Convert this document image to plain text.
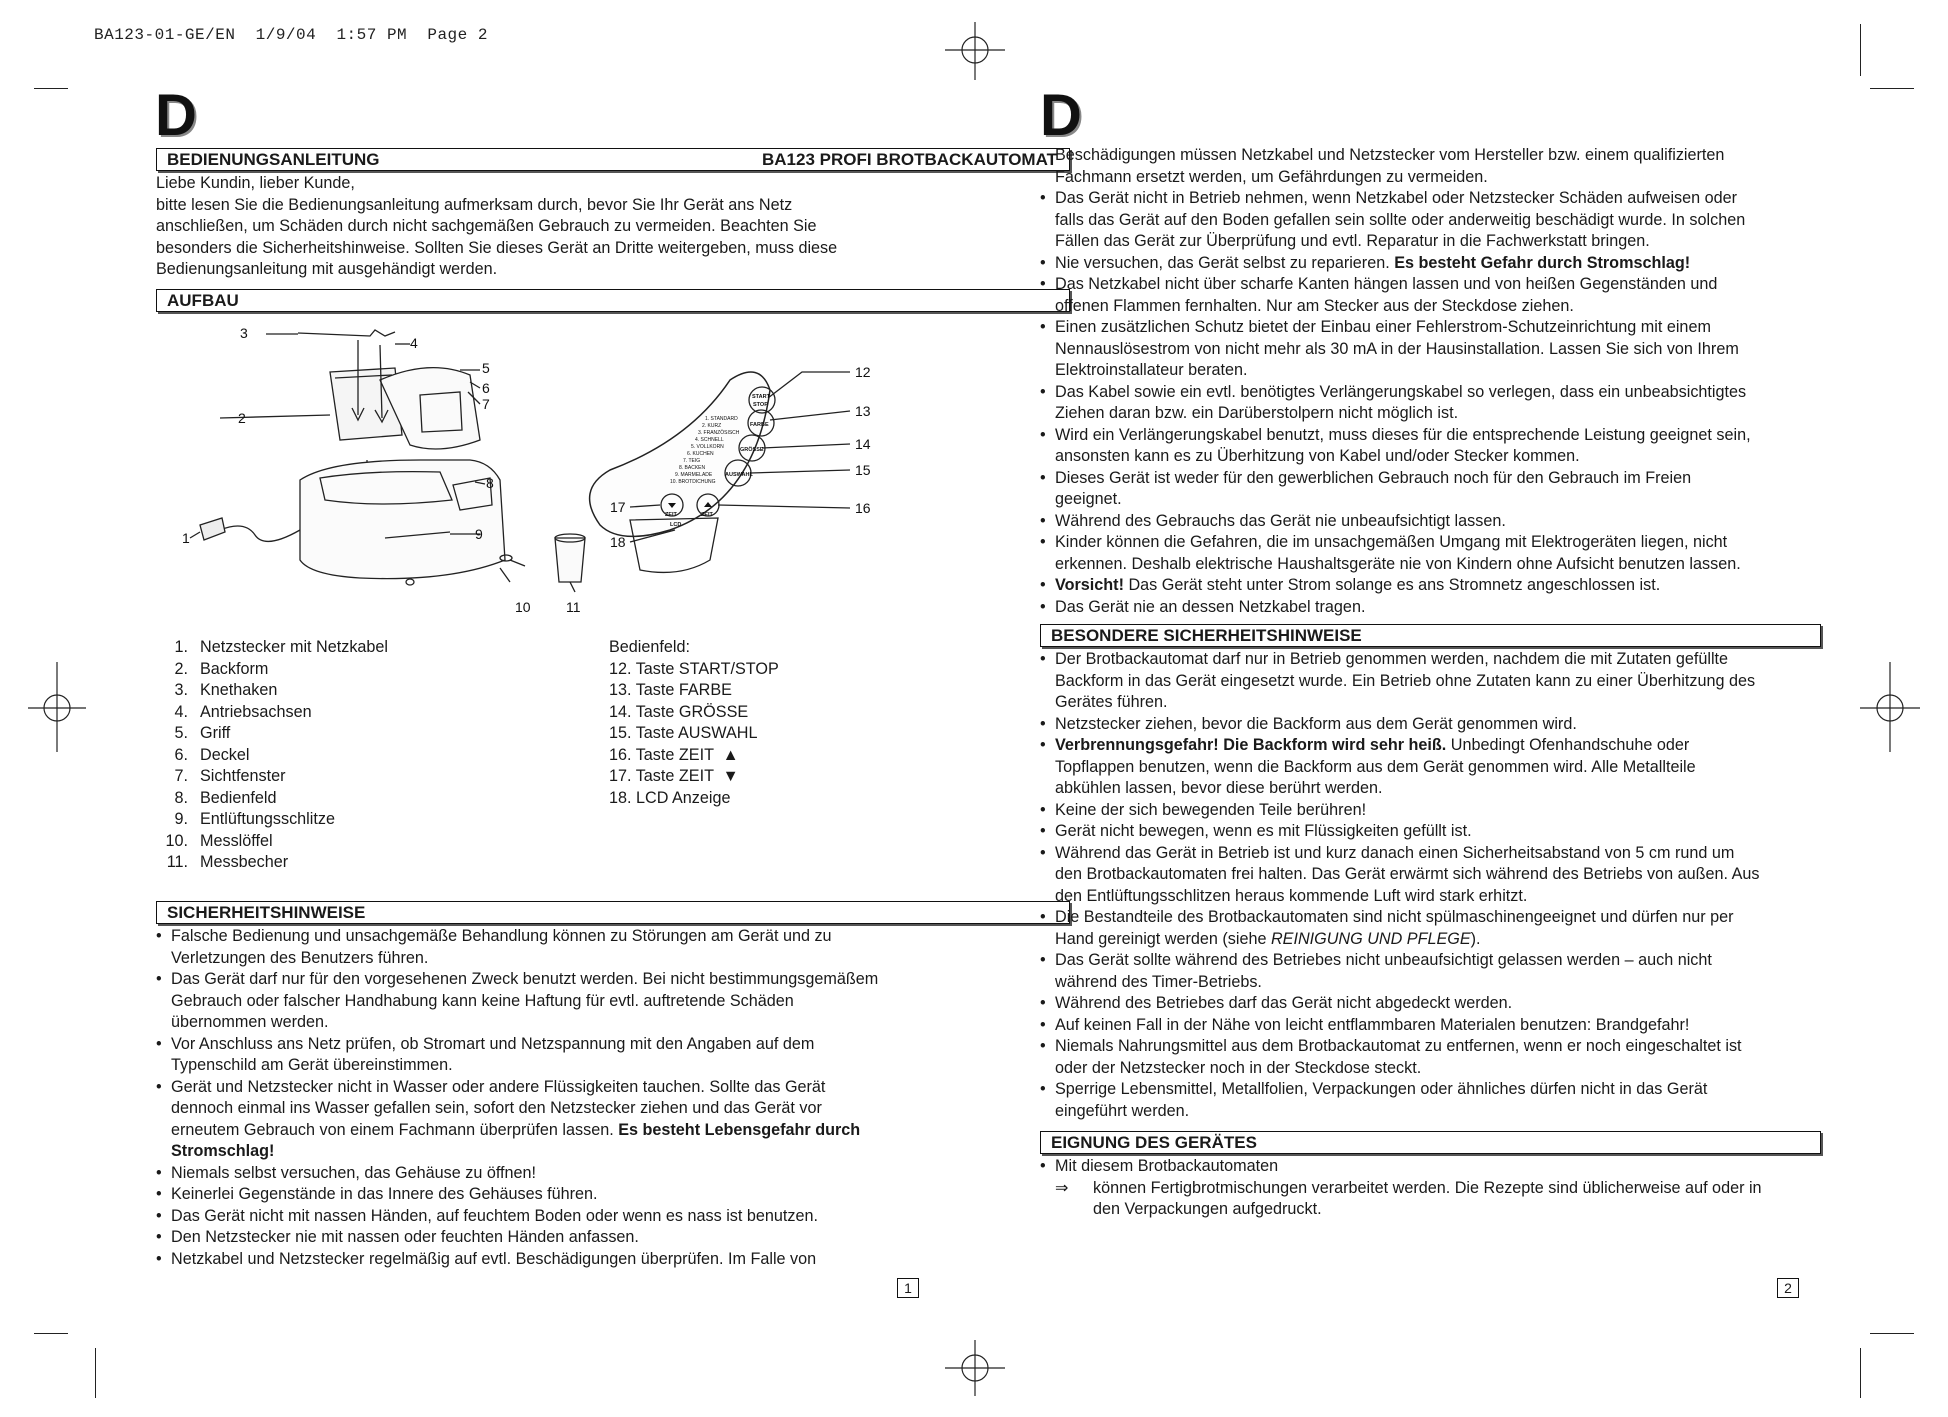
BA123-01-GE/EN  1/9/04  1:57 PM  Page 2
D
BEDIENUNGSANLEITUNG	BA123 PROFI BROTBACKAUTOMAT

Liebe Kundin, lieber Kunde,

bitte lesen Sie die Bedienungsanleitung aufmerksam durch, bevor Sie Ihr Gerät ans Netz

anschließen, um Schäden durch nicht sachgemäßen Gebrauch zu vermeiden. Beachten Sie

besonders die Sicherheitshinweise. Sollten Sie dieses Gerät an Dritte weitergeben, muss diese

Bedienungsanleitung mit ausgehändigt werden.

AUFBAU
3
4
5
6
7
2
8
1	9
10	11
12
13
14
15
16
17
18
START
STOP
FARBE
GRÖSSE
AUSWAHL
ZEIT	ZEIT
LCD
1. STANDARD
2. KURZ
3. FRANZÖSISCH
4. SCHNELL
5. VOLLKORN
6. KUCHEN
7. TEIG
8. BACKEN
9. MARMELADE
10. BROTDICHUNG
1. Netzstecker mit Netzkabel
2. Backform
3. Knethaken
4. Antriebsachsen
5. Griff
6. Deckel
7. Sichtfenster
8. Bedienfeld
9. Entlüftungsschlitze
10. Messlöffel
11. Messbecher

Bedienfeld:

12. Taste START/STOP

13. Taste FARBE

14. Taste GRÖSSE

15. Taste AUSWAHL

16. Taste ZEIT  ▲

17. Taste ZEIT  ▼

18. LCD Anzeige

SICHERHEITSHINWEISE
• Falsche Bedienung und unsachgemäße Behandlung können zu Störungen am Gerät und zu
Verletzungen des Benutzers führen.
• Das Gerät darf nur für den vorgesehenen Zweck benutzt werden. Bei nicht bestimmungsgemäßem
Gebrauch oder falscher Handhabung kann keine Haftung für evtl. auftretende Schäden
übernommen werden.
• Vor Anschluss ans Netz prüfen, ob Stromart und Netzspannung mit den Angaben auf dem
Typenschild am Gerät übereinstimmen.
• Gerät und Netzstecker nicht in Wasser oder andere Flüssigkeiten tauchen. Sollte das Gerät
dennoch einmal ins Wasser gefallen sein, sofort den Netzstecker ziehen und das Gerät vor
erneutem Gebrauch von einem Fachmann überprüfen lassen. Es besteht Lebensgefahr durch
Stromschlag!
• Niemals selbst versuchen, das Gehäuse zu öffnen!
• Keinerlei Gegenstände in das Innere des Gehäuses führen.
• Das Gerät nicht mit nassen Händen, auf feuchtem Boden oder wenn es nass ist benutzen.
• Den Netzstecker nie mit nassen oder feuchten Händen anfassen.
• Netzkabel und Netzstecker regelmäßig auf evtl. Beschädigungen überprüfen. Im Falle von
1
D

Beschädigungen müssen Netzkabel und Netzstecker vom Hersteller bzw. einem qualifizierten

Fachmann ersetzt werden, um Gefährdungen zu vermeiden.

• Das Gerät nicht in Betrieb nehmen, wenn Netzkabel oder Netzstecker Schäden aufweisen oder
falls das Gerät auf den Boden gefallen sein sollte oder anderweitig beschädigt wurde. In solchen
Fällen das Gerät zur Überprüfung und evtl. Reparatur in die Fachwerkstatt bringen.
• Nie versuchen, das Gerät selbst zu reparieren. Es besteht Gefahr durch Stromschlag!
• Das Netzkabel nicht über scharfe Kanten hängen lassen und von heißen Gegenständen und
offenen Flammen fernhalten. Nur am Stecker aus der Steckdose ziehen.
• Einen zusätzlichen Schutz bietet der Einbau einer Fehlerstrom-Schutzeinrichtung mit einem
Nennauslösestrom von nicht mehr als 30 mA in der Hausinstallation. Lassen Sie sich von Ihrem
Elektroinstallateur beraten.
• Das Kabel sowie ein evtl. benötigtes Verlängerungskabel so verlegen, dass ein unbeabsichtigtes
Ziehen daran bzw. ein Darüberstolpern nicht möglich ist.
• Wird ein Verlängerungskabel benutzt, muss dieses für die entsprechende Leistung geeignet sein,
ansonsten kann es zu Überhitzung von Kabel und/oder Stecker kommen.
• Dieses Gerät ist weder für den gewerblichen Gebrauch noch für den Gebrauch im Freien
geeignet.
• Während des Gebrauchs das Gerät nie unbeaufsichtigt lassen.
• Kinder können die Gefahren, die im unsachgemäßen Umgang mit Elektrogeräten liegen, nicht
erkennen. Deshalb elektrische Haushaltsgeräte nie von Kindern ohne Aufsicht benutzen lassen.
• Vorsicht! Das Gerät steht unter Strom solange es ans Stromnetz angeschlossen ist.
• Das Gerät nie an dessen Netzkabel tragen.
BESONDERE SICHERHEITSHINWEISE
• Der Brotbackautomat darf nur in Betrieb genommen werden, nachdem die mit Zutaten gefüllte
Backform in das Gerät eingesetzt wurde. Ein Betrieb ohne Zutaten kann zu einer Überhitzung des
Gerätes führen.
• Netzstecker ziehen, bevor die Backform aus dem Gerät genommen wird.
• Verbrennungsgefahr! Die Backform wird sehr heiß. Unbedingt Ofenhandschuhe oder
Topflappen benutzen, wenn die Backform aus dem Gerät genommen wird. Alle Metallteile
abkühlen lassen, bevor diese berührt werden.
• Keine der sich bewegenden Teile berühren!
• Gerät nicht bewegen, wenn es mit Flüssigkeiten gefüllt ist.
• Während das Gerät in Betrieb ist und kurz danach einen Sicherheitsabstand von 5 cm rund um
den Brotbackautomaten frei halten. Das Gerät erwärmt sich während des Betriebs von außen. Aus
den Entlüftungsschlitzen heraus kommende Luft wird stark erhitzt.
• Die Bestandteile des Brotbackautomaten sind nicht spülmaschinengeeignet und dürfen nur per
Hand gereinigt werden (siehe REINIGUNG UND PFLEGE).
• Das Gerät sollte während des Betriebes nicht unbeaufsichtigt gelassen werden – auch nicht
während des Timer-Betriebs.
• Während des Betriebes darf das Gerät nicht abgedeckt werden.
• Auf keinen Fall in der Nähe von leicht entflammbaren Materialen benutzen: Brandgefahr!
• Niemals Nahrungsmittel aus dem Brotbackautomat zu entfernen, wenn er noch eingeschaltet ist
oder der Netzstecker noch in der Steckdose steckt.
• Sperrige Lebensmittel, Metallfolien, Verpackungen oder ähnliches dürfen nicht in das Gerät
eingeführt werden.
EIGNUNG DES GERÄTES
• Mit diesem Brotbackautomaten
⇒	können Fertigbrotmischungen verarbeitet werden. Die Rezepte sind üblicherweise auf oder in

den Verpackungen aufgedruckt.

2
